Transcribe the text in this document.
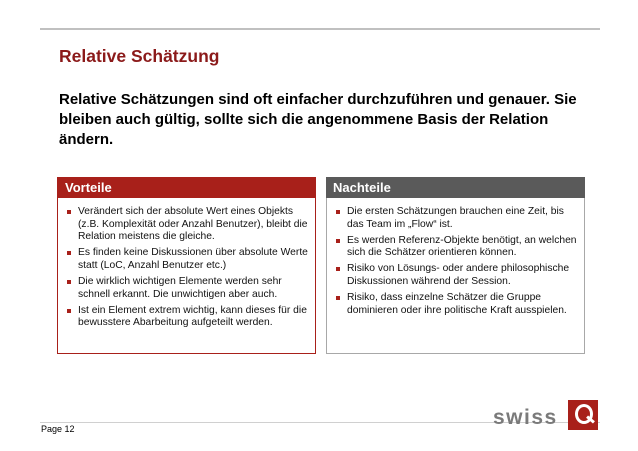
Relative Schätzung

Relative Schätzungen sind oft einfacher durchzuführen und genauer. Sie bleiben auch gültig, sollte sich die angenommene Basis der Relation ändern.

Vorteile
Verändert sich der absolute Wert eines Objekts (z.B. Komplexität oder Anzahl Benutzer), bleibt die Relation meistens die gleiche.
Es finden keine Diskussionen über absolute Werte statt (LoC, Anzahl Benutzer etc.)
Die wirklich wichtigen Elemente werden sehr schnell erkannt. Die unwichtigen aber auch.
Ist ein Element extrem wichtig, kann dieses für die bewusstere Abarbeitung aufgeteilt werden.
Nachteile
Die ersten Schätzungen brauchen eine Zeit, bis das Team im „Flow“ ist.
Es werden Referenz-Objekte benötigt, an welchen sich die Schätzer orientieren können.
Risiko von Lösungs- oder andere philosophische Diskussionen während der Session.
Risiko, dass einzelne Schätzer die Gruppe dominieren oder ihre politische Kraft ausspielen.
Page 12	swiss
